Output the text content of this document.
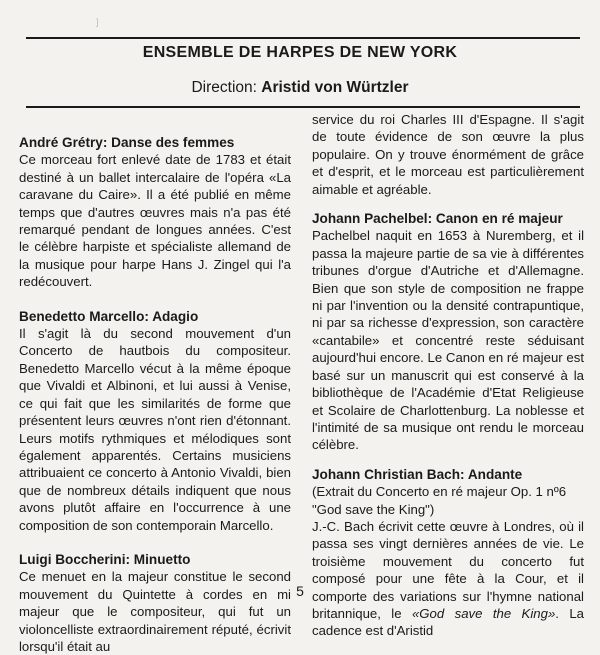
]
ENSEMBLE DE HARPES DE NEW YORK
Direction: Aristid von Würtzler
André Grétry: Danse des femmes

Ce morceau fort enlevé date de 1783 et était destiné à un ballet intercalaire de l'opéra «La caravane du Caire». Il a été publié en même temps que d'autres œuvres mais n'a pas été remarqué pendant de longues années. C'est le célèbre harpiste et spécialiste allemand de la musique pour harpe Hans J. Zingel qui l'a redécouvert.

Benedetto Marcello: Adagio

Il s'agit là du second mouvement d'un Concerto de hautbois du compositeur. Benedetto Marcello vécut à la même époque que Vivaldi et Albinoni, et lui aussi à Venise, ce qui fait que les similarités de forme que présentent leurs œuvres n'ont rien d'étonnant. Leurs motifs rythmiques et mélodiques sont également apparentés. Certains musiciens attribuaient ce concerto à Antonio Vivaldi, bien que de nombreux détails indiquent que nous avons plutôt affaire en l'occurrence à une composition de son contemporain Marcello.

Luigi Boccherini: Minuetto

Ce menuet en la majeur constitue le second mouvement du Quintette à cordes en mi majeur que le compositeur, qui fut un violoncelliste extraordinairement réputé, écrivit lorsqu'il était au

service du roi Charles III d'Espagne. Il s'agit de toute évidence de son œuvre la plus populaire. On y trouve énormément de grâce et d'esprit, et le morceau est particulièrement aimable et agréable.

Johann Pachelbel: Canon en ré majeur

Pachelbel naquit en 1653 à Nuremberg, et il passa la majeure partie de sa vie à différentes tribunes d'orgue d'Autriche et d'Allemagne. Bien que son style de composition ne frappe ni par l'invention ou la densité contrapuntique, ni par sa richesse d'expression, son caractère «cantabile» et concentré reste séduisant aujourd'hui encore. Le Canon en ré majeur est basé sur un manuscrit qui est conservé à la bibliothèque de l'Académie d'Etat Religieuse et Scolaire de Charlottenburg. La noblesse et l'intimité de sa musique ont rendu le morceau célèbre.

Johann Christian Bach: Andante

(Extrait du Concerto en ré majeur Op. 1 nº6

"God save the King")

J.-C. Bach écrivit cette œuvre à Londres, où il passa ses vingt dernières années de vie. Le troisième mouvement du concerto fut composé pour une fête à la Cour, et il comporte des variations sur l'hymne national britannique, le «God save the King». La cadence est d'Aristid

5
